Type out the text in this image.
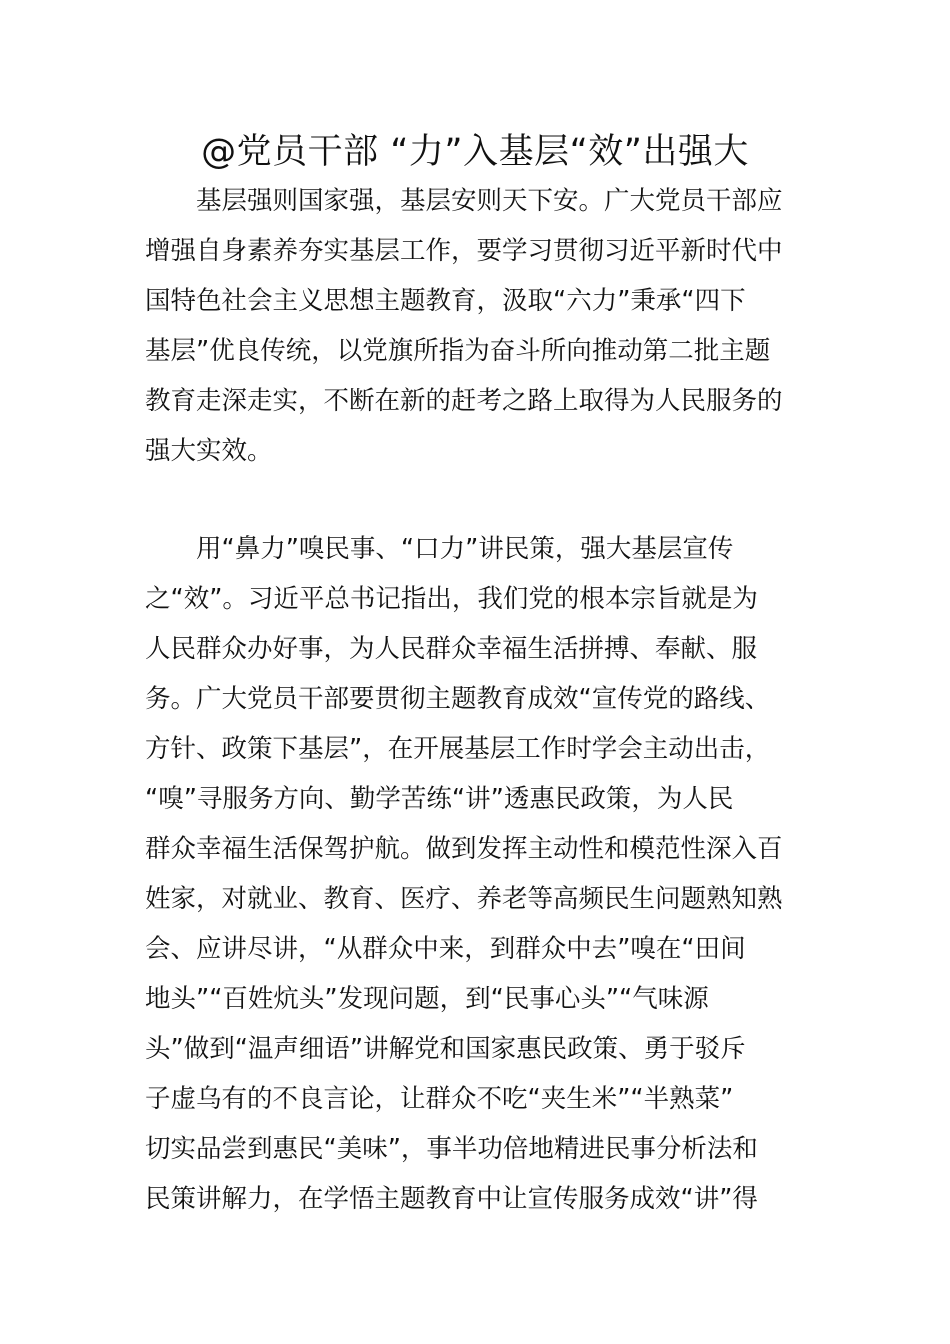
@党员干部 “力”入基层“效”出强大
　　基层强则国家强，基层安则天下安。广大党员干部应
增强自身素养夯实基层工作，要学习贯彻习近平新时代中
国特色社会主义思想主题教育，汲取“六力”秉承“四下
基层”优良传统，以党旗所指为奋斗所向推动第二批主题
教育走深走实，不断在新的赶考之路上取得为人民服务的
强大实效。
　　用“鼻力”嗅民事、“口力”讲民策，强大基层宣传
之“效”。习近平总书记指出，我们党的根本宗旨就是为
人民群众办好事，为人民群众幸福生活拼搏、奉献、服
务。广大党员干部要贯彻主题教育成效“宣传党的路线、
方针、政策下基层”，在开展基层工作时学会主动出击，
“嗅”寻服务方向、勤学苦练“讲”透惠民政策，为人民
群众幸福生活保驾护航。做到发挥主动性和模范性深入百
姓家，对就业、教育、医疗、养老等高频民生问题熟知熟
会、应讲尽讲，“从群众中来，到群众中去”嗅在“田间
地头”“百姓炕头”发现问题，到“民事心头”“气味源
头”做到“温声细语”讲解党和国家惠民政策、勇于驳斥
子虚乌有的不良言论，让群众不吃“夹生米”“半熟菜”
切实品尝到惠民“美味”，事半功倍地精进民事分析法和
民策讲解力，在学悟主题教育中让宣传服务成效“讲”得
